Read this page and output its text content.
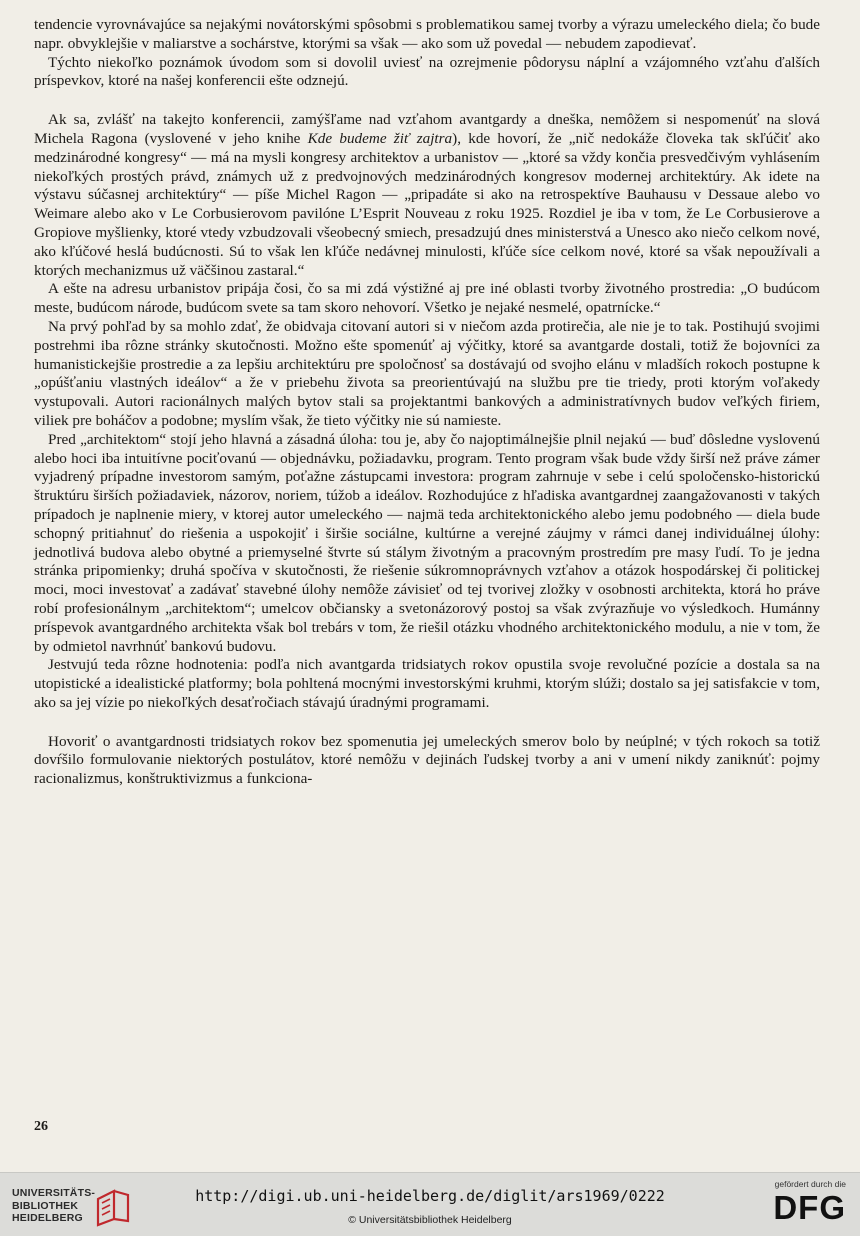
tendencie vyrovnávajúce sa nejakými novátorskými spôsobmi s problematikou samej tvorby a výrazu umeleckého diela; čo bude napr. obvyklejšie v maliarstve a sochárstve, ktorými sa však — ako som už povedal — nebudem zapodievať.

Týchto niekoľko poznámok úvodom som si dovolil uviesť na ozrejmenie pôdorysu náplní a vzájomného vzťahu ďalších príspevkov, ktoré na našej konferencii ešte odznejú.

Ak sa, zvlášť na takejto konferencii, zamýšľame nad vzťahom avantgardy a dneška, nemôžem si nespomenúť na slová Michela Ragona (vyslovené v jeho knihe Kde budeme žiť zajtra), kde hovorí, že „nič nedokáže človeka tak skľúčiť ako medzinárodné kongresy“ — má na mysli kongresy architektov a urbanistov — „ktoré sa vždy končia presvedčivým vyhlásením niekoľkých prostých právd, známych už z predvojnových medzinárodných kongresov modernej architektúry. Ak idete na výstavu súčasnej architektúry“ — píše Michel Ragon — „pripadáte si ako na retrospektíve Bauhausu v Dessaue alebo vo Weimare alebo ako v Le Corbusierovom pavilóne L’Esprit Nouveau z roku 1925. Rozdiel je iba v tom, že Le Corbusierove a Gropiove myšlienky, ktoré vtedy vzbudzovali všeobecný smiech, presadzujú dnes ministerstvá a Unesco ako niečo celkom nové, ako kľúčové heslá budúcnosti. Sú to však len kľúče nedávnej minulosti, kľúče síce celkom nové, ktoré sa však nepoužívali a ktorých mechanizmus už väčšinou zastaral.“

A ešte na adresu urbanistov pripája čosi, čo sa mi zdá výstižné aj pre iné oblasti tvorby životného prostredia: „O budúcom meste, budúcom národe, budúcom svete sa tam skoro nehovorí. Všetko je nejaké nesmelé, opatrnícke.“

Na prvý pohľad by sa mohlo zdať, že obidvaja citovaní autori si v niečom azda protirečia, ale nie je to tak. Postihujú svojimi postrehmi iba rôzne stránky skutočnosti. Možno ešte spomenúť aj výčitky, ktoré sa avantgarde dostali, totiž že bojovníci za humanistickejšie prostredie a za lepšiu architektúru pre spoločnosť sa dostávajú od svojho elánu v mladších rokoch postupne k „opúšťaniu vlastných ideálov“ a že v priebehu života sa preorientúvajú na službu pre tie triedy, proti ktorým voľakedy vystupovali. Autori racionálnych malých bytov stali sa projektantmi bankových a administratívnych budov veľkých firiem, viliek pre boháčov a podobne; myslím však, že tieto výčitky nie sú namieste.

Pred „architektom“ stojí jeho hlavná a zásadná úloha: tou je, aby čo najoptimálnejšie plnil nejakú — buď dôsledne vyslovenú alebo hoci iba intuitívne pociťovanú — objednávku, požiadavku, program. Tento program však bude vždy širší než práve zámer vyjadrený prípadne investorom samým, poťažne zástupcami investora: program zahrnuje v sebe i celú spoločensko-historickú štruktúru širších požiadaviek, názorov, noriem, túžob a ideálov. Rozhodujúce z hľadiska avantgardnej zaangažovanosti v takých prípadoch je naplnenie miery, v ktorej autor umeleckého — najmä teda architektonického alebo jemu podobného — diela bude schopný pritiahnuť do riešenia a uspokojiť i širšie sociálne, kultúrne a verejné záujmy v rámci danej individuálnej úlohy: jednotlivá budova alebo obytné a priemyselné štvrte sú stálym životným a pracovným prostredím pre masy ľudí. To je jedna stránka pripomienky; druhá spočíva v skutočnosti, že riešenie súkromnoprávnych vzťahov a otázok hospodárskej či politickej moci, moci investovať a zadávať stavebné úlohy nemôže závisieť od tej tvorivej zložky v osobnosti architekta, ktorá ho práve robí profesionálnym „architektom“; umelcov občiansky a svetonázorový postoj sa však zvýrazňuje vo výsledkoch. Humánny príspevok avantgardného architekta však bol trebárs v tom, že riešil otázku vhodného architektonického modulu, a nie v tom, že by odmietol navrhnúť bankovú budovu.

Jestvujú teda rôzne hodnotenia: podľa nich avantgarda tridsiatych rokov opustila svoje revolučné pozície a dostala sa na utopistické a idealistické platformy; bola pohltená mocnými investorskými kruhmi, ktorým slúži; dostalo sa jej satisfakcie v tom, ako sa jej vízie po niekoľkých desaťročiach stávajú úradnými programami.

Hovoriť o avantgardnosti tridsiatych rokov bez spomenutia jej umeleckých smerov bolo by neúplné; v tých rokoch sa totiž dovŕšilo formulovanie niektorých postulátov, ktoré nemôžu v dejinách ľudskej tvorby a ani v umení nikdy zaniknúť: pojmy racionalizmus, konštruktivizmus a funkciona-

26
UNIVERSITÄTS-
BIBLIOTHEK
HEIDELBERG
http://digi.ub.uni-heidelberg.de/diglit/ars1969/0222
© Universitätsbibliothek Heidelberg
gefördert durch die
DFG
